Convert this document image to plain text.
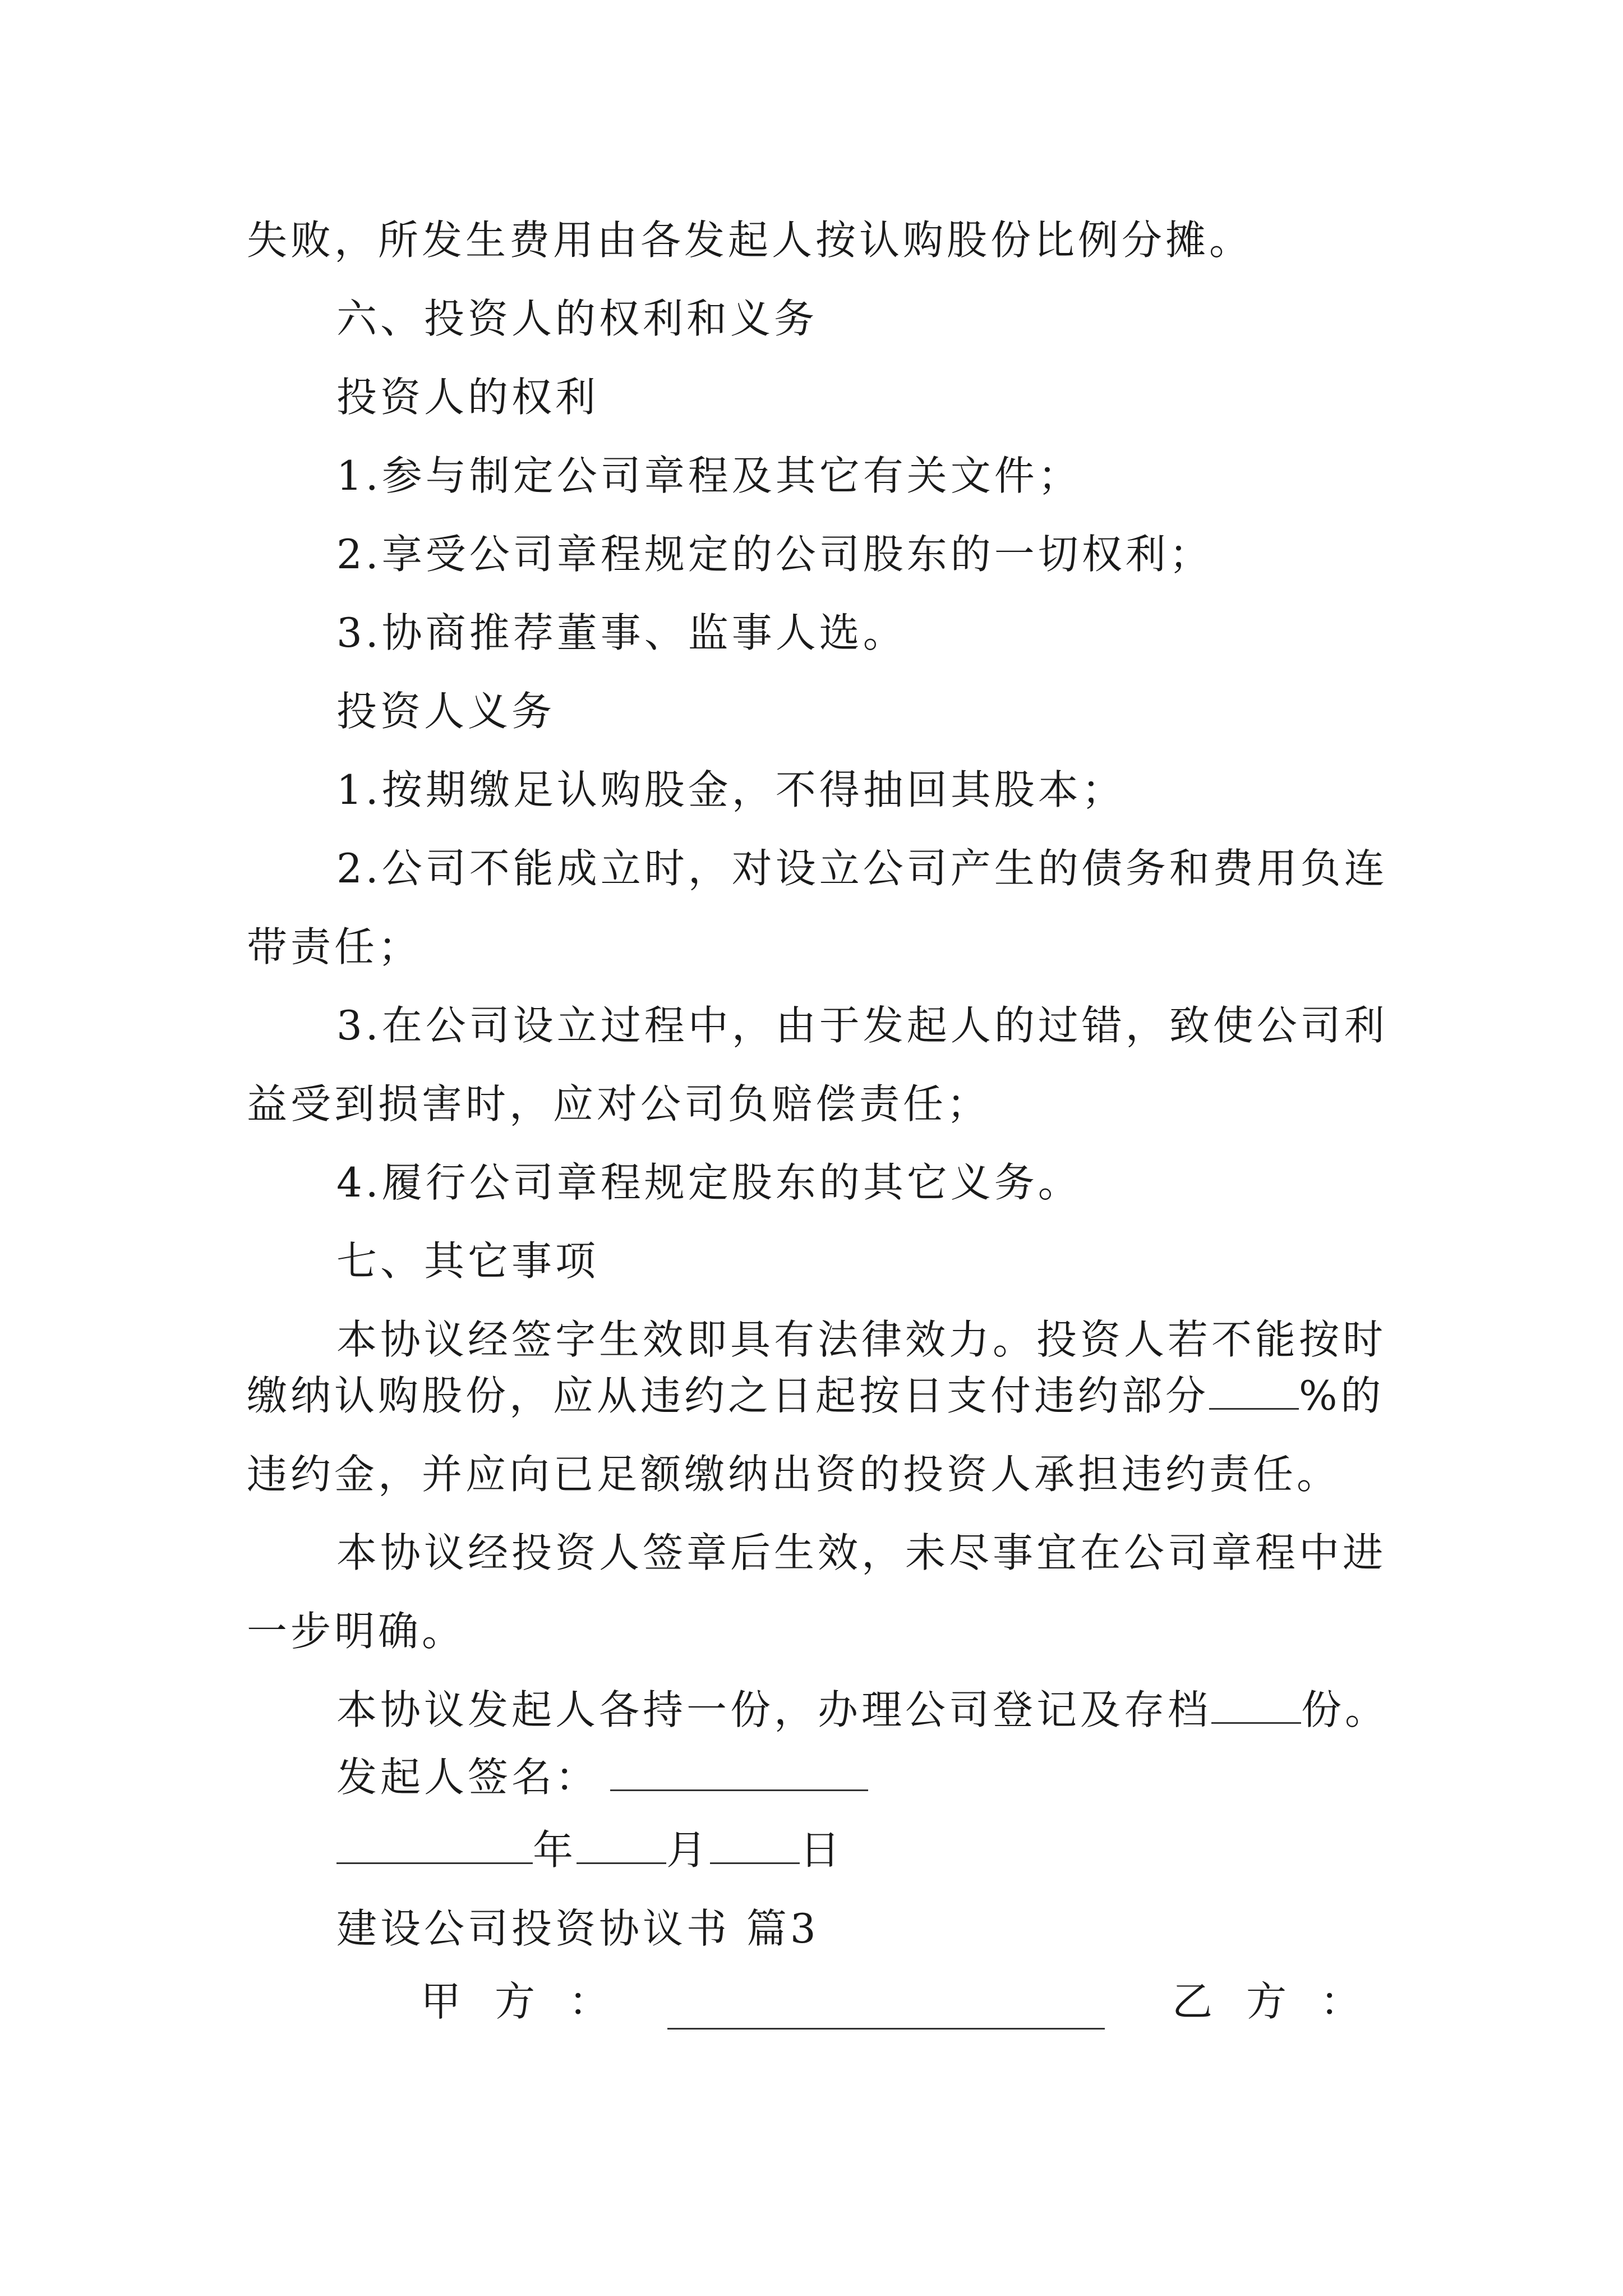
失败，所发生费用由各发起人按认购股份比例分摊。
六、投资人的权利和义务
投资人的权利
1.参与制定公司章程及其它有关文件；
2.享受公司章程规定的公司股东的一切权利；
3.协商推荐董事、监事人选。
投资人义务
1.按期缴足认购股金，不得抽回其股本；
2.公司不能成立时，对设立公司产生的债务和费用负连
带责任；
3.在公司设立过程中，由于发起人的过错，致使公司利
益受到损害时，应对公司负赔偿责任；
4.履行公司章程规定股东的其它义务。
七、其它事项
本协议经签字生效即具有法律效力。投资人若不能按时
缴纳认购股份，应从违约之日起按日支付违约部分 %的
违约金，并应向已足额缴纳出资的投资人承担违约责任。
本协议经投资人签章后生效，未尽事宜在公司章程中进
一步明确。
本协议发起人各持一份，办理公司登记及存档 份。
发起人签名：
年 月 日
建设公司投资协议书 篇3
甲方：	乙方：
